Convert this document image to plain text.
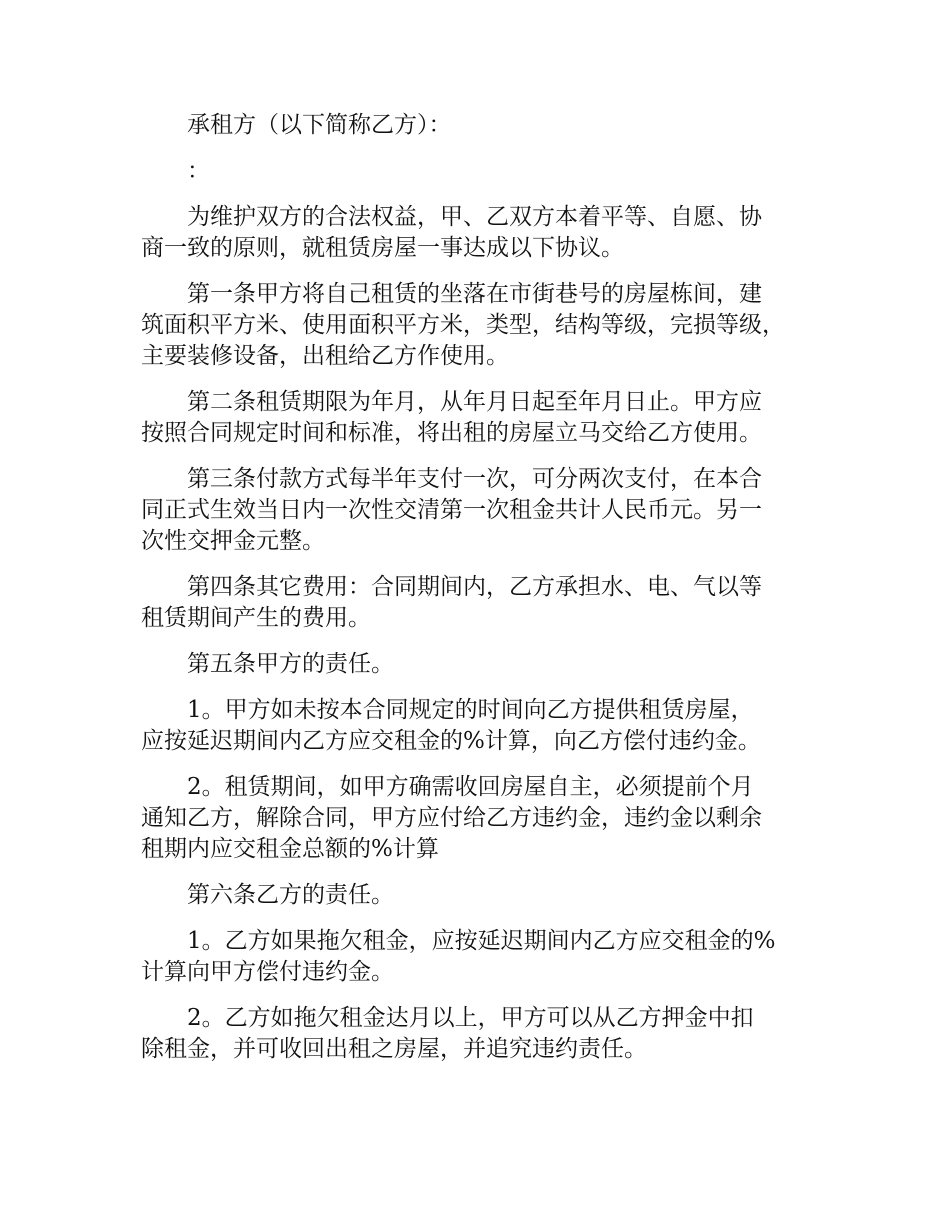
承租方（以下简称乙方）：

：

为维护双方的合法权益，甲、乙双方本着平等、自愿、协
商一致的原则，就租赁房屋一事达成以下协议。

第一条甲方将自己租赁的坐落在市街巷号的房屋栋间，建
筑面积平方米、使用面积平方米，类型，结构等级，完损等级，
主要装修设备，出租给乙方作使用。

第二条租赁期限为年月，从年月日起至年月日止。甲方应
按照合同规定时间和标准，将出租的房屋立马交给乙方使用。

第三条付款方式每半年支付一次，可分两次支付，在本合
同正式生效当日内一次性交清第一次租金共计人民币元。另一
次性交押金元整。

第四条其它费用：合同期间内，乙方承担水、电、气以等
租赁期间产生的费用。

第五条甲方的责任。

1。甲方如未按本合同规定的时间向乙方提供租赁房屋，
应按延迟期间内乙方应交租金的%计算，向乙方偿付违约金。

2。租赁期间，如甲方确需收回房屋自主，必须提前个月
通知乙方，解除合同，甲方应付给乙方违约金，违约金以剩余
租期内应交租金总额的%计算

第六条乙方的责任。

1。乙方如果拖欠租金，应按延迟期间内乙方应交租金的%
计算向甲方偿付违约金。

2。乙方如拖欠租金达月以上，甲方可以从乙方押金中扣
除租金，并可收回出租之房屋，并追究违约责任。
